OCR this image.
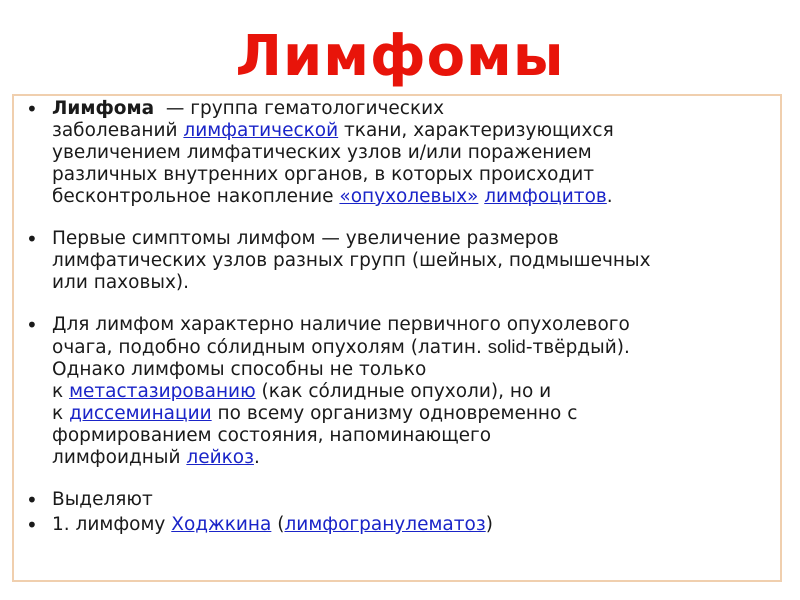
Лимфомы
• Лимфома  — группа гематологических
заболеваний лимфатической ткани, характеризующихся
увеличением лимфатических узлов и/или поражением
различных внутренних органов, в которых происходит
бесконтрольное накопление «опухолевых» лимфоцитов.
• Первые симптомы лимфом — увеличение размеров
лимфатических узлов разных групп (шейных, подмышечных
или паховых).
• Для лимфом характерно наличие первичного опухолевого
очага, подобно со́лидным опухолям (латин. solid-твёрдый).
Однако лимфомы способны не только
к метастазированию (как со́лидные опухоли), но и
к диссеминации по всему организму одновременно с
формированием состояния, напоминающего
лимфоидный лейкоз.
• Выделяют
• 1. лимфому Ходжкина (лимфогранулематоз)
